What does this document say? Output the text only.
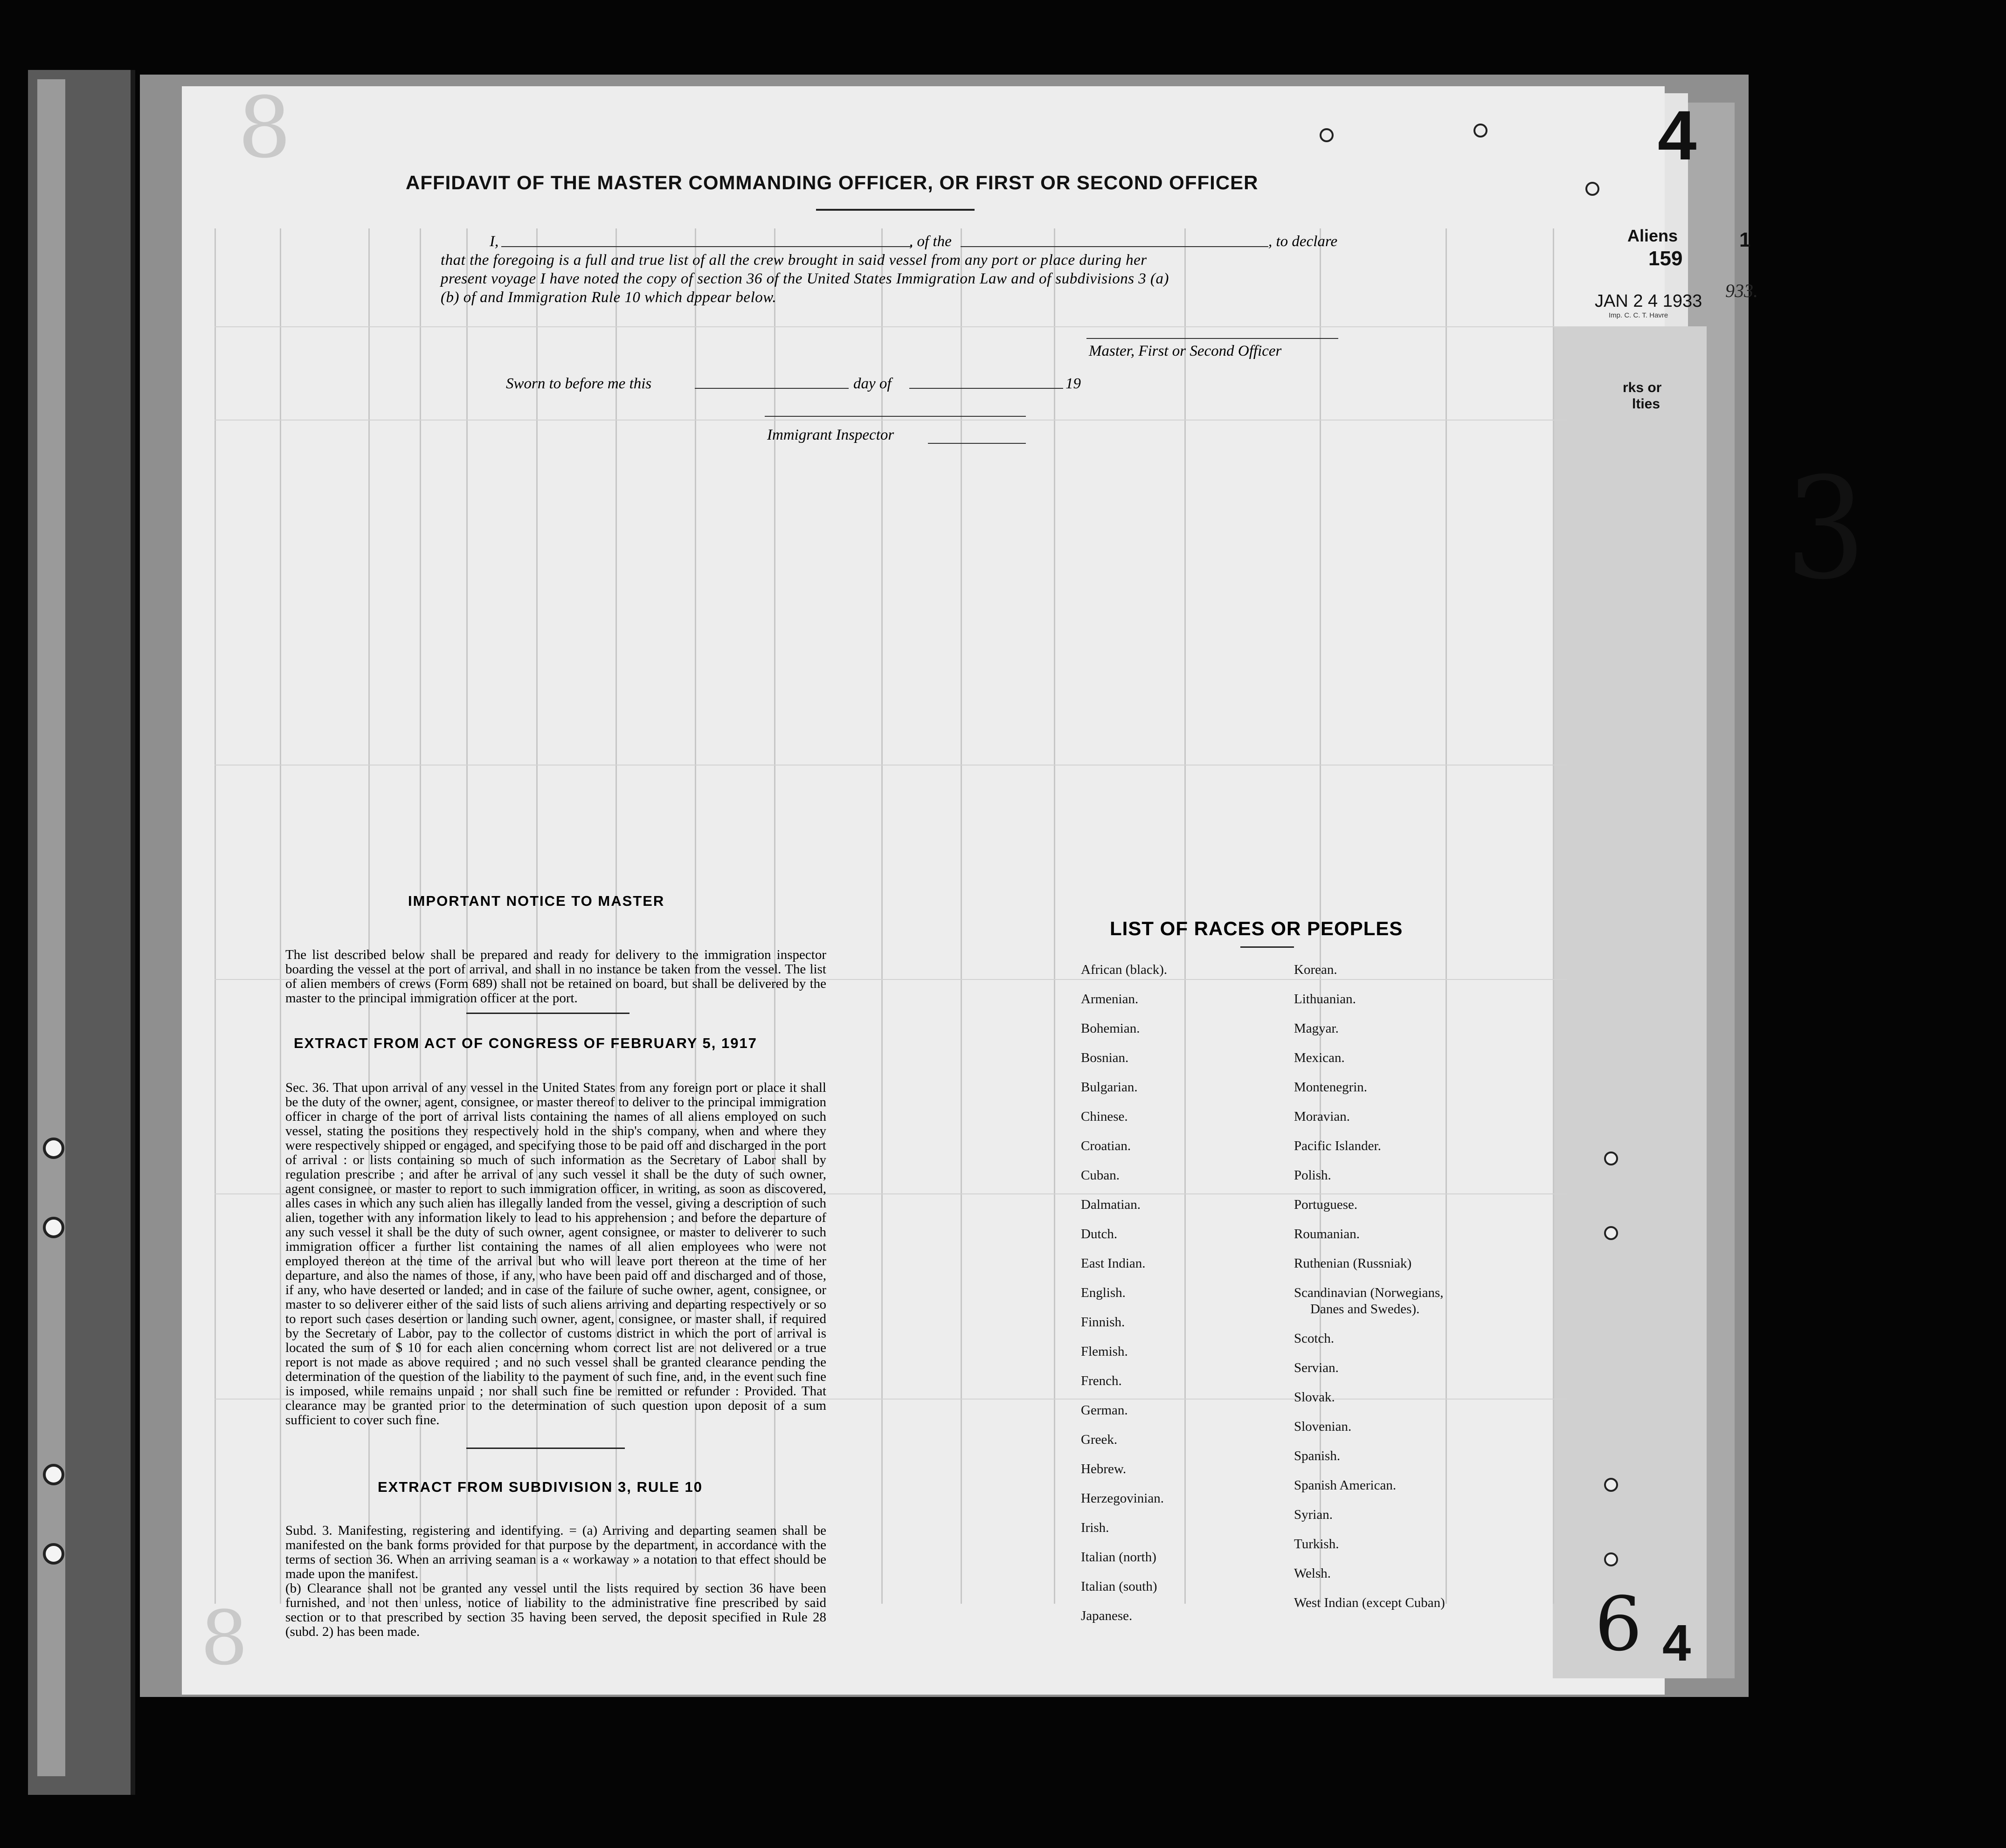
AFFIDAVIT OF THE MASTER COMMANDING OFFICER, OR FIRST OR SECOND OFFICER
I,	, of the	, to declare
that the foregoing is a full and true list of all the crew brought in said vessel from any port or place during her
present voyage I have noted the copy of section 36 of the United States Immigration Law and of subdivisions 3 (a)
(b) of and Immigration Rule 10 which dppear below.
Master, First or Second Officer
Sworn to before me this	day of	19
Immigrant Inspector
IMPORTANT NOTICE TO MASTER
The list described below shall be prepared and ready for delivery to the immigration inspector boarding the vessel at the port of arrival, and shall in no instance be taken from the vessel. The list of alien members of crews (Form 689) shall not be retained on board, but shall be delivered by the master to the principal immigration officer at the port.
EXTRACT FROM ACT OF CONGRESS OF FEBRUARY 5, 1917
Sec. 36. That upon arrival of any vessel in the United States from any foreign port or place it shall be the duty of the owner, agent, consignee, or master thereof to deliver to the principal immigration officer in charge of the port of arrival lists containing the names of all aliens employed on such vessel, stating the positions they respectively hold in the ship's company, when and where they were respectively shipped or engaged, and specifying those to be paid off and discharged in the port of arrival : or lists containing so much of such information as the Secretary of Labor shall by regulation prescribe ; and after he arrival of any such vessel it shall be the duty of such owner, agent consignee, or master to report to such immigration officer, in writing, as soon as discovered, alles cases in which any such alien has illegally landed from the vessel, giving a description of such alien, together with any information likely to lead to his apprehension ; and before the departure of any such vessel it shall be the duty of such owner, agent consignee, or master to deliverer to such immigration officer a further list containing the names of all alien employees who were not employed thereon at the time of the arrival but who will leave port thereon at the time of her departure, and also the names of those, if any, who have been paid off and discharged and of those, if any, who have deserted or landed; and in case of the failure of suche owner, agent, consignee, or master to so deliverer either of the said lists of such aliens arriving and departing respectively or so to report such cases desertion or landing such owner, agent, consignee, or master shall, if required by the Secretary of Labor, pay to the collector of customs district in which the port of arrival is located the sum of $ 10 for each alien concerning whom correct list are not delivered or a true report is not made as above required ; and no such vessel shall be granted clearance pending the determination of the question of the liability to the payment of such fine, and, in the event such fine is imposed, while remains unpaid ; nor shall such fine be remitted or refunder : Provided. That clearance may be granted prior to the determination of such question upon deposit of a sum sufficient to cover such fine.
EXTRACT FROM SUBDIVISION 3, RULE 10
Subd. 3. Manifesting, registering and identifying. = (a) Arriving and departing seamen shall be manifested on the bank forms provided for that purpose by the department, in accordance with the terms of section 36. When an arriving seaman is a « workaway » a notation to that effect should be made upon the manifest.
(b) Clearance shall not be granted any vessel until the lists required by section 36 have been furnished, and not then unless, notice of liability to the administrative fine prescribed by said section or to that prescribed by section 35 having been served, the deposit specified in Rule 28 (subd. 2) has been made.
LIST OF RACES OR PEOPLES
African (black).
Armenian.
Bohemian.
Bosnian.
Bulgarian.
Chinese.
Croatian.
Cuban.
Dalmatian.
Dutch.
East Indian.
English.
Finnish.
Flemish.
French.
German.
Greek.
Hebrew.
Herzegovinian.
Irish.
Italian (north)
Italian (south)
Japanese.
Korean.
Lithuanian.
Magyar.
Mexican.
Montenegrin.
Moravian.
Pacific Islander.
Polish.
Portuguese.
Roumanian.
Ruthenian (Russniak)
Scandinavian (Norwegians,
Danes and Swedes).
Scotch.
Servian.
Slovak.
Slovenian.
Spanish.
Spanish American.
Syrian.
Turkish.
Welsh.
West Indian (except Cuban)
4
4
Aliens
159
JAN 2 4 1933
Imp. C. C. T. Havre
1
933.
rks or
lties
3
6
8
8
